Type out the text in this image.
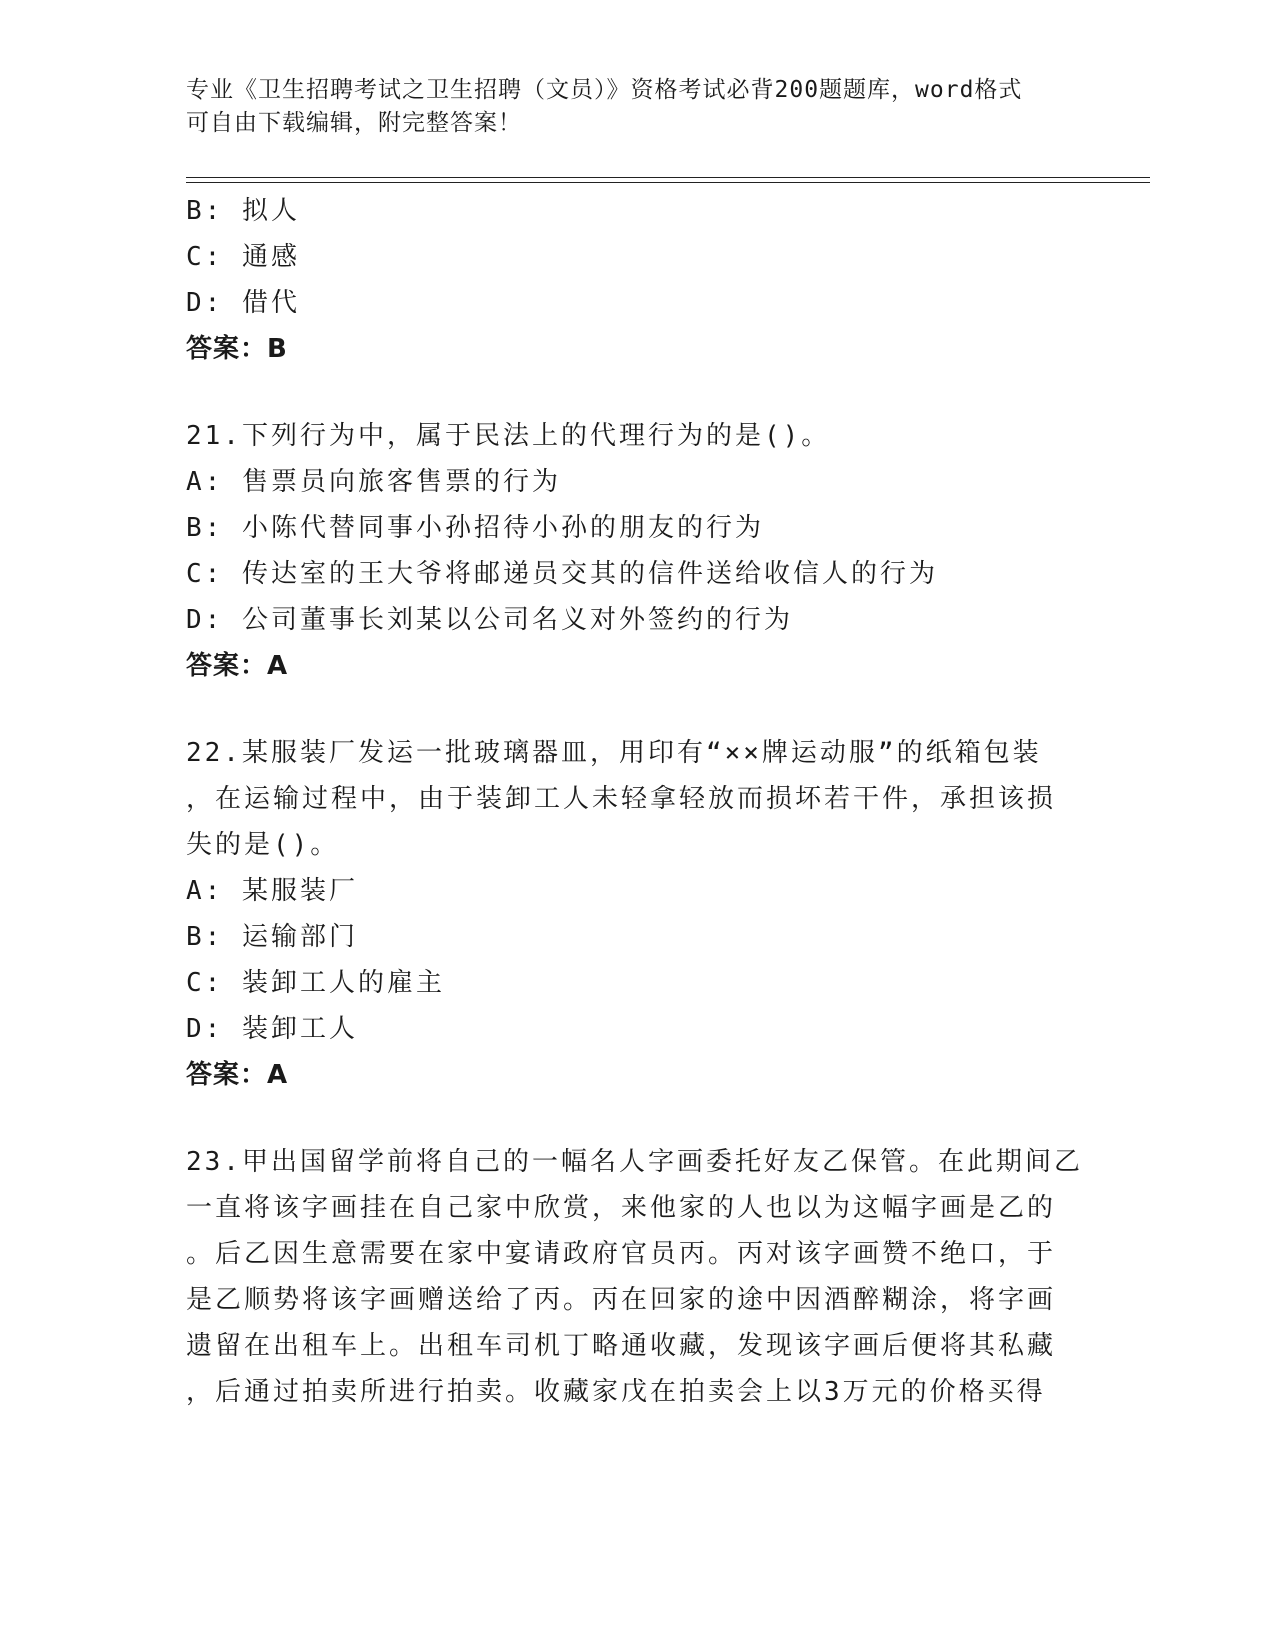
专业《卫生招聘考试之卫生招聘（文员）》资格考试必背200题题库，word格式
可自由下载编辑，附完整答案！
B: 拟人
C: 通感
D: 借代
答案：B
21.下列行为中，属于民法上的代理行为的是()。
A: 售票员向旅客售票的行为
B: 小陈代替同事小孙招待小孙的朋友的行为
C: 传达室的王大爷将邮递员交其的信件送给收信人的行为
D: 公司董事长刘某以公司名义对外签约的行为
答案：A
22.某服装厂发运一批玻璃器皿，用印有“××牌运动服”的纸箱包装
，在运输过程中，由于装卸工人未轻拿轻放而损坏若干件，承担该损
失的是()。
A: 某服装厂
B: 运输部门
C: 装卸工人的雇主
D: 装卸工人
答案：A
23.甲出国留学前将自己的一幅名人字画委托好友乙保管。在此期间乙
一直将该字画挂在自己家中欣赏，来他家的人也以为这幅字画是乙的
。后乙因生意需要在家中宴请政府官员丙。丙对该字画赞不绝口，于
是乙顺势将该字画赠送给了丙。丙在回家的途中因酒醉糊涂，将字画
遗留在出租车上。出租车司机丁略通收藏，发现该字画后便将其私藏
，后通过拍卖所进行拍卖。收藏家戊在拍卖会上以3万元的价格买得
